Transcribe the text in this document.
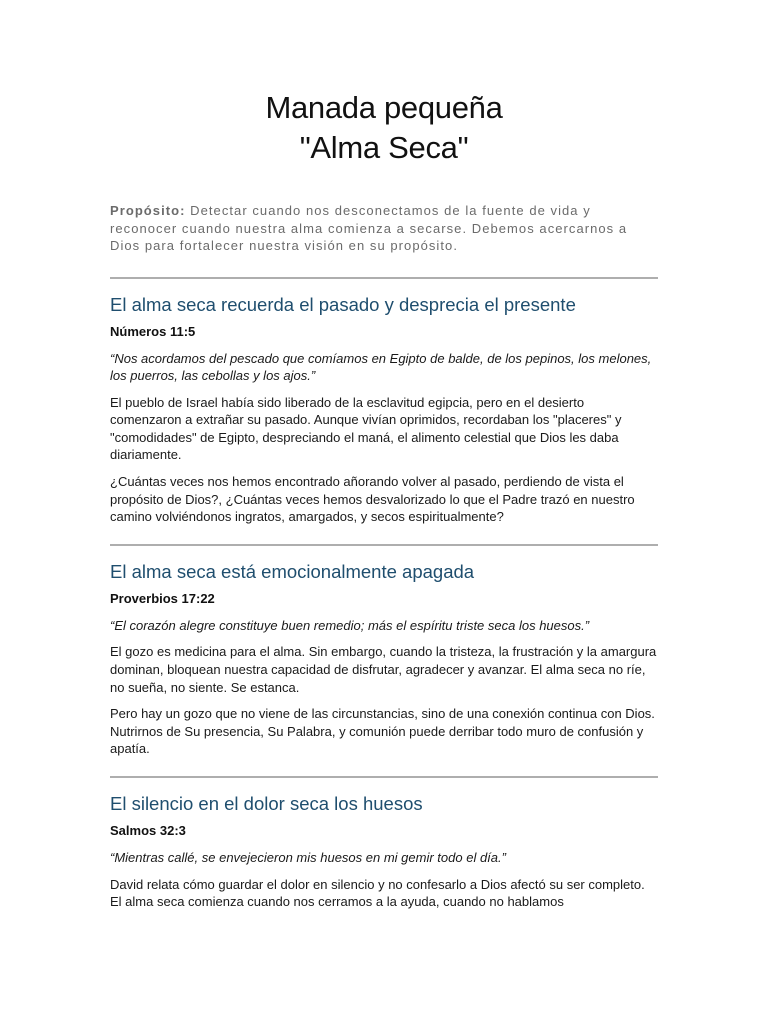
Manada pequeña
"Alma Seca"

Propósito: Detectar cuando nos desconectamos de la fuente de vida y reconocer cuando nuestra alma comienza a secarse. Debemos acercarnos a Dios para fortalecer nuestra visión en su propósito.

El alma seca recuerda el pasado y desprecia el presente

Números 11:5

“Nos acordamos del pescado que comíamos en Egipto de balde, de los pepinos, los melones, los puerros, las cebollas y los ajos.”

El pueblo de Israel había sido liberado de la esclavitud egipcia, pero en el desierto comenzaron a extrañar su pasado. Aunque vivían oprimidos, recordaban los "placeres" y "comodidades" de Egipto, despreciando el maná, el alimento celestial que Dios les daba diariamente.

¿Cuántas veces nos hemos encontrado añorando volver al pasado, perdiendo de vista el propósito de Dios?, ¿Cuántas veces hemos desvalorizado lo que el Padre trazó en nuestro camino volviéndonos ingratos, amargados, y secos espiritualmente?

El alma seca está emocionalmente apagada

Proverbios 17:22

“El corazón alegre constituye buen remedio; más el espíritu triste seca los huesos.”

El gozo es medicina para el alma. Sin embargo, cuando la tristeza, la frustración y la amargura dominan, bloquean nuestra capacidad de disfrutar, agradecer y avanzar. El alma seca no ríe, no sueña, no siente. Se estanca.

Pero hay un gozo que no viene de las circunstancias, sino de una conexión continua con Dios. Nutrirnos de Su presencia, Su Palabra, y comunión puede derribar todo muro de confusión y apatía.

El silencio en el dolor seca los huesos

Salmos 32:3

“Mientras callé, se envejecieron mis huesos en mi gemir todo el día.”

David relata cómo guardar el dolor en silencio y no confesarlo a Dios afectó su ser completo. El alma seca comienza cuando nos cerramos a la ayuda, cuando no hablamos
